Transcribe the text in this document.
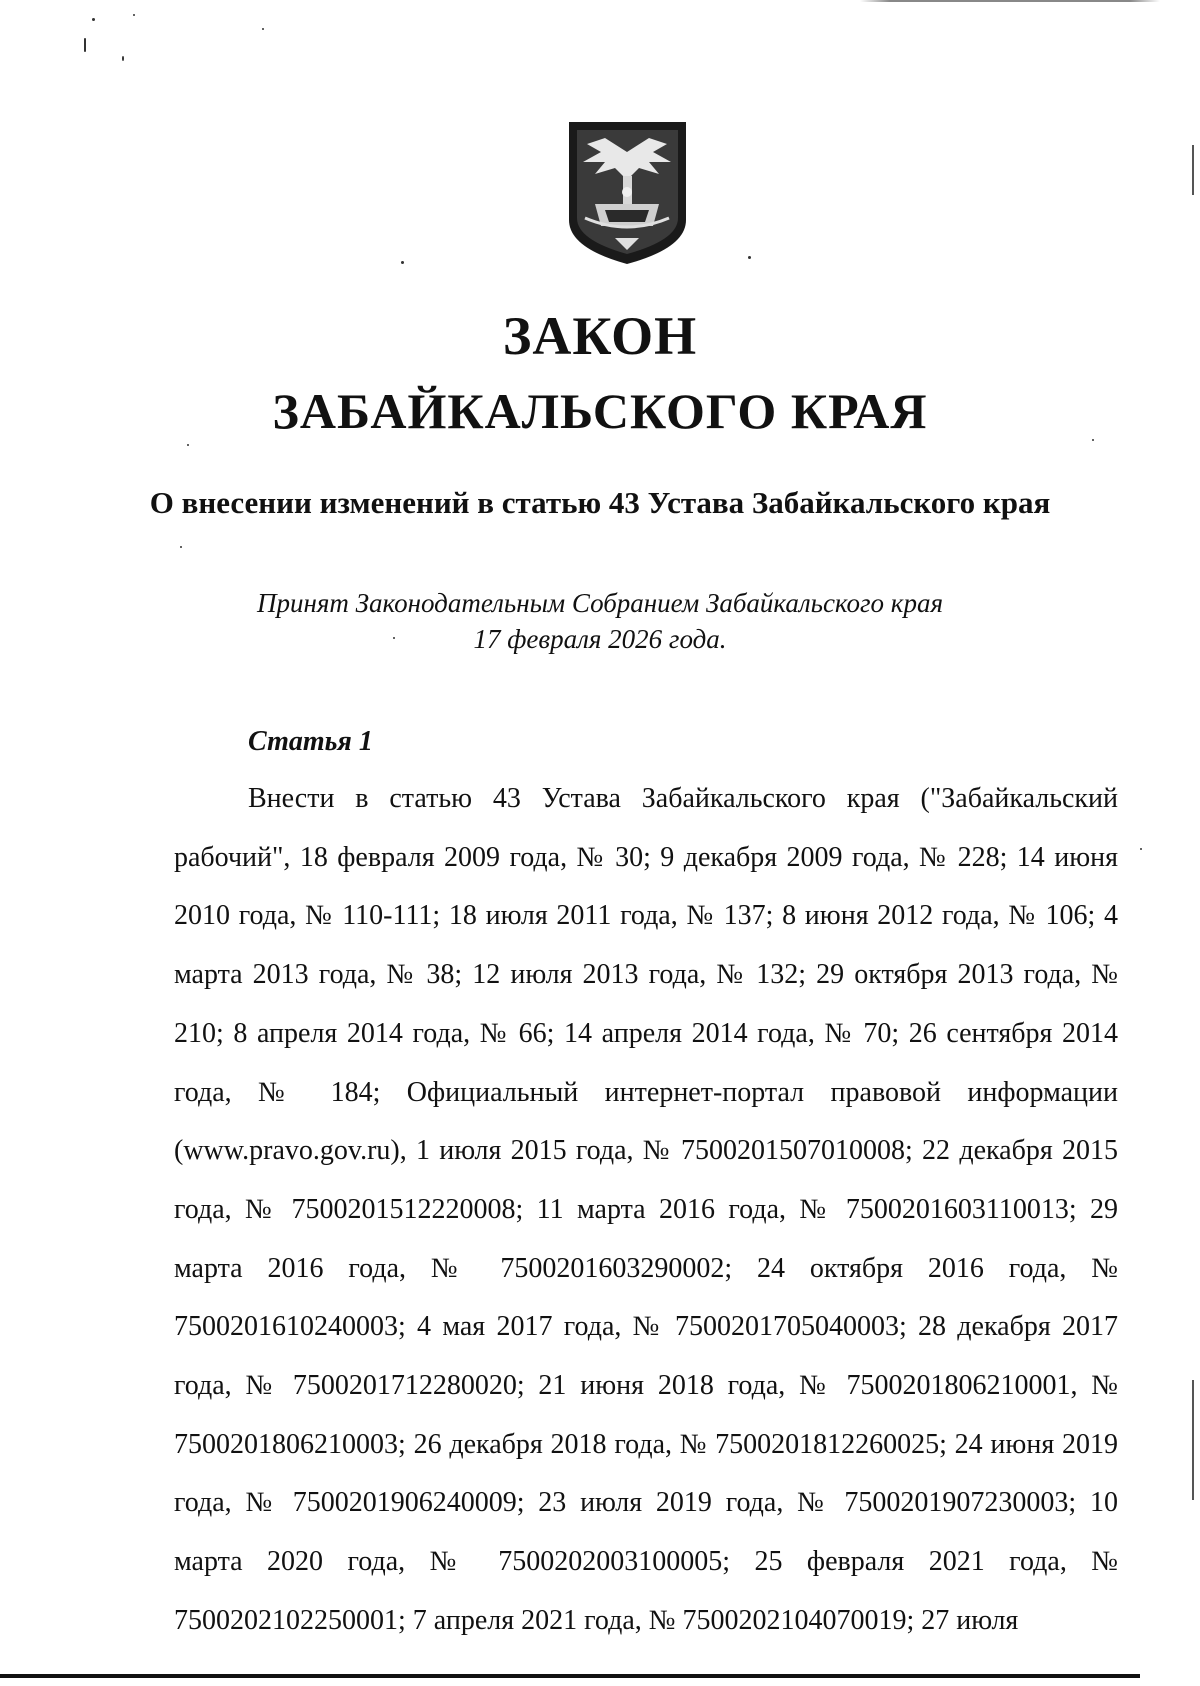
ЗАКОН
ЗАБАЙКАЛЬСКОГО КРАЯ
О внесении изменений в статью 43 Устава Забайкальского края
Принят Законодательным Собранием Забайкальского края
17 февраля 2026 года.
Статья 1
Внести в статью 43 Устава Забайкальского края ("Забайкальский рабочий", 18 февраля 2009 года, № 30; 9 декабря 2009 года, № 228; 14 июня 2010 года, № 110-111; 18 июля 2011 года, № 137; 8 июня 2012 года, № 106; 4 марта 2013 года, № 38; 12 июля 2013 года, № 132; 29 октября 2013 года, № 210; 8 апреля 2014 года, № 66; 14 апреля 2014 года, № 70; 26 сентября 2014 года, № 184; Официальный интернет-портал правовой информации (www.pravo.gov.ru), 1 июля 2015 года, № 7500201507010008; 22 декабря 2015 года, № 7500201512220008; 11 марта 2016 года, № 7500201603110013; 29 марта 2016 года, № 7500201603290002; 24 октября 2016 года, № 7500201610240003; 4 мая 2017 года, № 7500201705040003; 28 декабря 2017 года, № 7500201712280020; 21 июня 2018 года, № 7500201806210001, № 7500201806210003; 26 декабря 2018 года, № 7500201812260025; 24 июня 2019 года, № 7500201906240009; 23 июля 2019 года, № 7500201907230003; 10 марта 2020 года, № 7500202003100005; 25 февраля 2021 года, № 7500202102250001; 7 апреля 2021 года, № 7500202104070019; 27 июля
